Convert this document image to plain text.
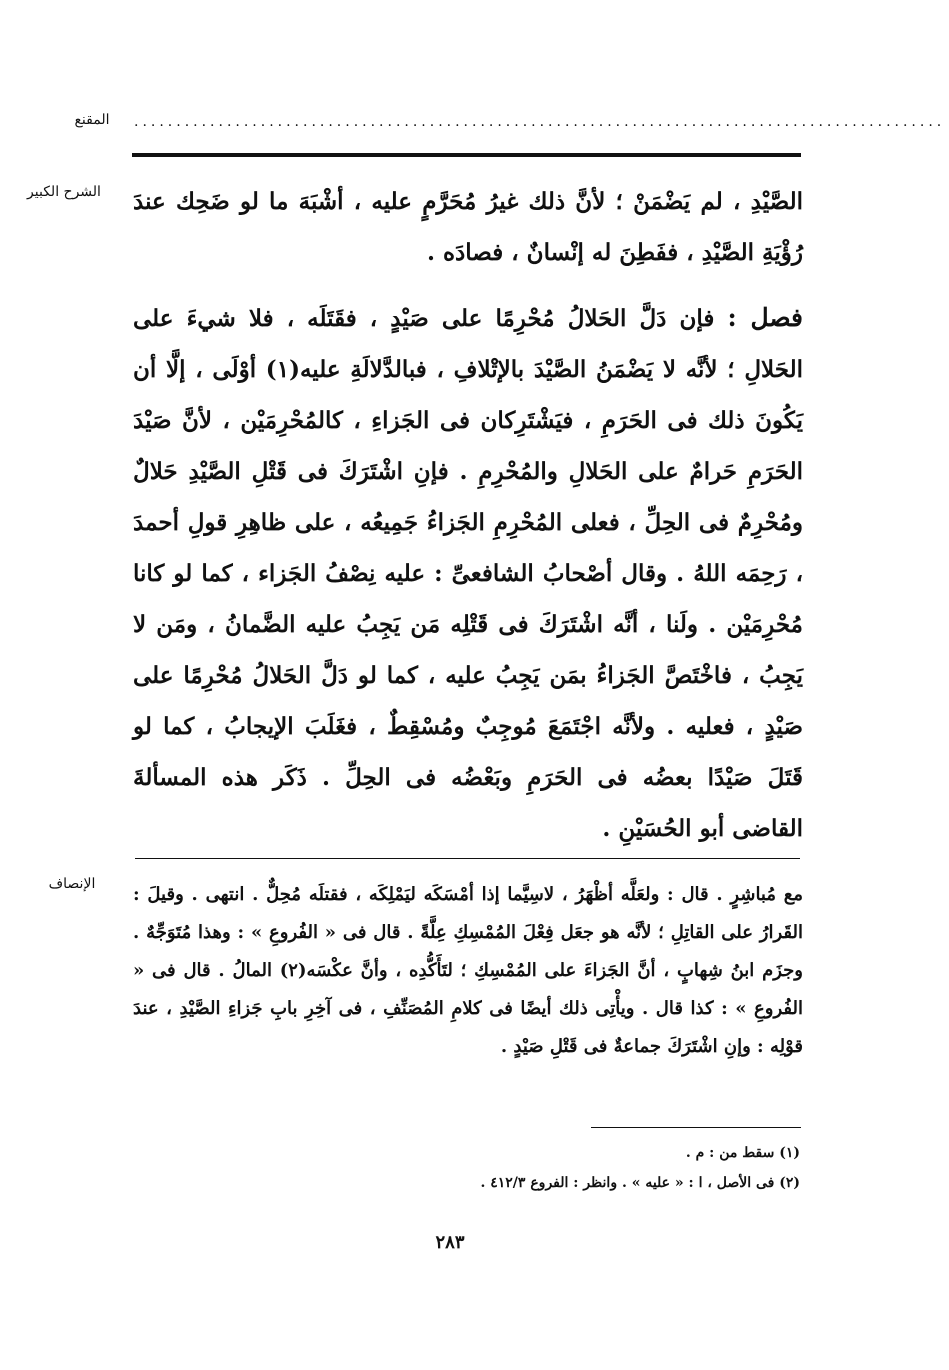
المقنع	................................................................................................
الشرح الكبير	الصَّيْدِ ، لم يَضْمَنْ ؛ لأنَّ ذلك غيرُ مُحَرَّمٍ عليه ، أشْبَهَ ما لو ضَحِك عندَ رُؤْيَةِ الصَّيْدِ ، ففَطِنَ له إنْسانٌ ، فصادَه .

فصل : فإن دَلَّ الحَلالُ مُحْرِمًا على صَيْدٍ ، فقَتَلَه ، فلا شيءَ على الحَلالِ ؛ لأنَّه لا يَضْمَنُ الصَّيْدَ بالإتْلافِ ، فبالدَّلالَةِ عليه(١) أوْلَى ، إلَّا أن يَكُونَ ذلك فى الحَرَمِ ، فيَشْتَرِكان فى الجَزاءِ ، كالمُحْرِمَيْن ، لأنَّ صَيْدَ الحَرَمِ حَرامٌ على الحَلالِ والمُحْرِمِ . فإنِ اشْتَرَكَ فى قَتْلِ الصَّيْدِ حَلالٌ ومُحْرِمٌ فى الحِلِّ ، فعلى المُحْرِمِ الجَزاءُ جَمِيعُه ، على ظاهِرِ قولِ أحمدَ ، رَحِمَه اللهُ . وقال أصْحابُ الشافعىِّ : عليه نِصْفُ الجَزاء ، كما لو كانا مُحْرِمَيْن . ولَنا ، أنَّه اشْتَرَكَ فى قَتْلِه مَن يَجِبُ عليه الضَّمانُ ، ومَن لا يَجِبُ ، فاخْتَصَّ الجَزاءُ بمَن يَجِبُ عليه ، كما لو دَلَّ الحَلالُ مُحْرِمًا على صَيْدٍ ، فعليه . ولأنَّه اجْتَمَعَ مُوجِبٌ ومُسْقِطٌ ، فغَلَبَ الإيجابُ ، كما لو قَتَلَ صَيْدًا بعضُه فى الحَرَمِ وبَعْضُه فى الحِلِّ . ذَكَر هذه المسألةَ القاضى أبو الحُسَيْنِ .

الإنصاف	مع مُباشِرٍ . قال : ولعَلَّه أظْهَرُ ، لاسِيَّما إذا أمْسَكَه ليَمْلِكَه ، فقتلَه مُحِلٌّ . انتهى . وقيلَ : القَرارُ على القاتِلِ ؛ لأنَّه هو جعَل فِعْلَ المُمْسِكِ عِلَّةً . قال فى « الفُروعِ » : وهذا مُتَوَجِّهٌ . وجزَم ابنُ شِهابٍ ، أنَّ الجَزاءَ على المُمْسِكِ ؛ لتَأَكُّدِه ، وأنَّ عكْسَه(٢) المالُ . قال فى « الفُروعِ » : كذا قال . ويأْتِى ذلك أيضًا فى كلامِ المُصَنِّفِ ، فى آخِرِ بابِ جَزاءِ الصَّيْدِ ، عندَ قوْلِه : وإنِ اشْتَرَكَ جماعةٌ فى قَتْلِ صَيْدٍ .

(١) سقط من : م .
(٢) فى الأصل ، ا : « عليه » . وانظر : الفروع ٤١٢/٣ .
٢٨٣
